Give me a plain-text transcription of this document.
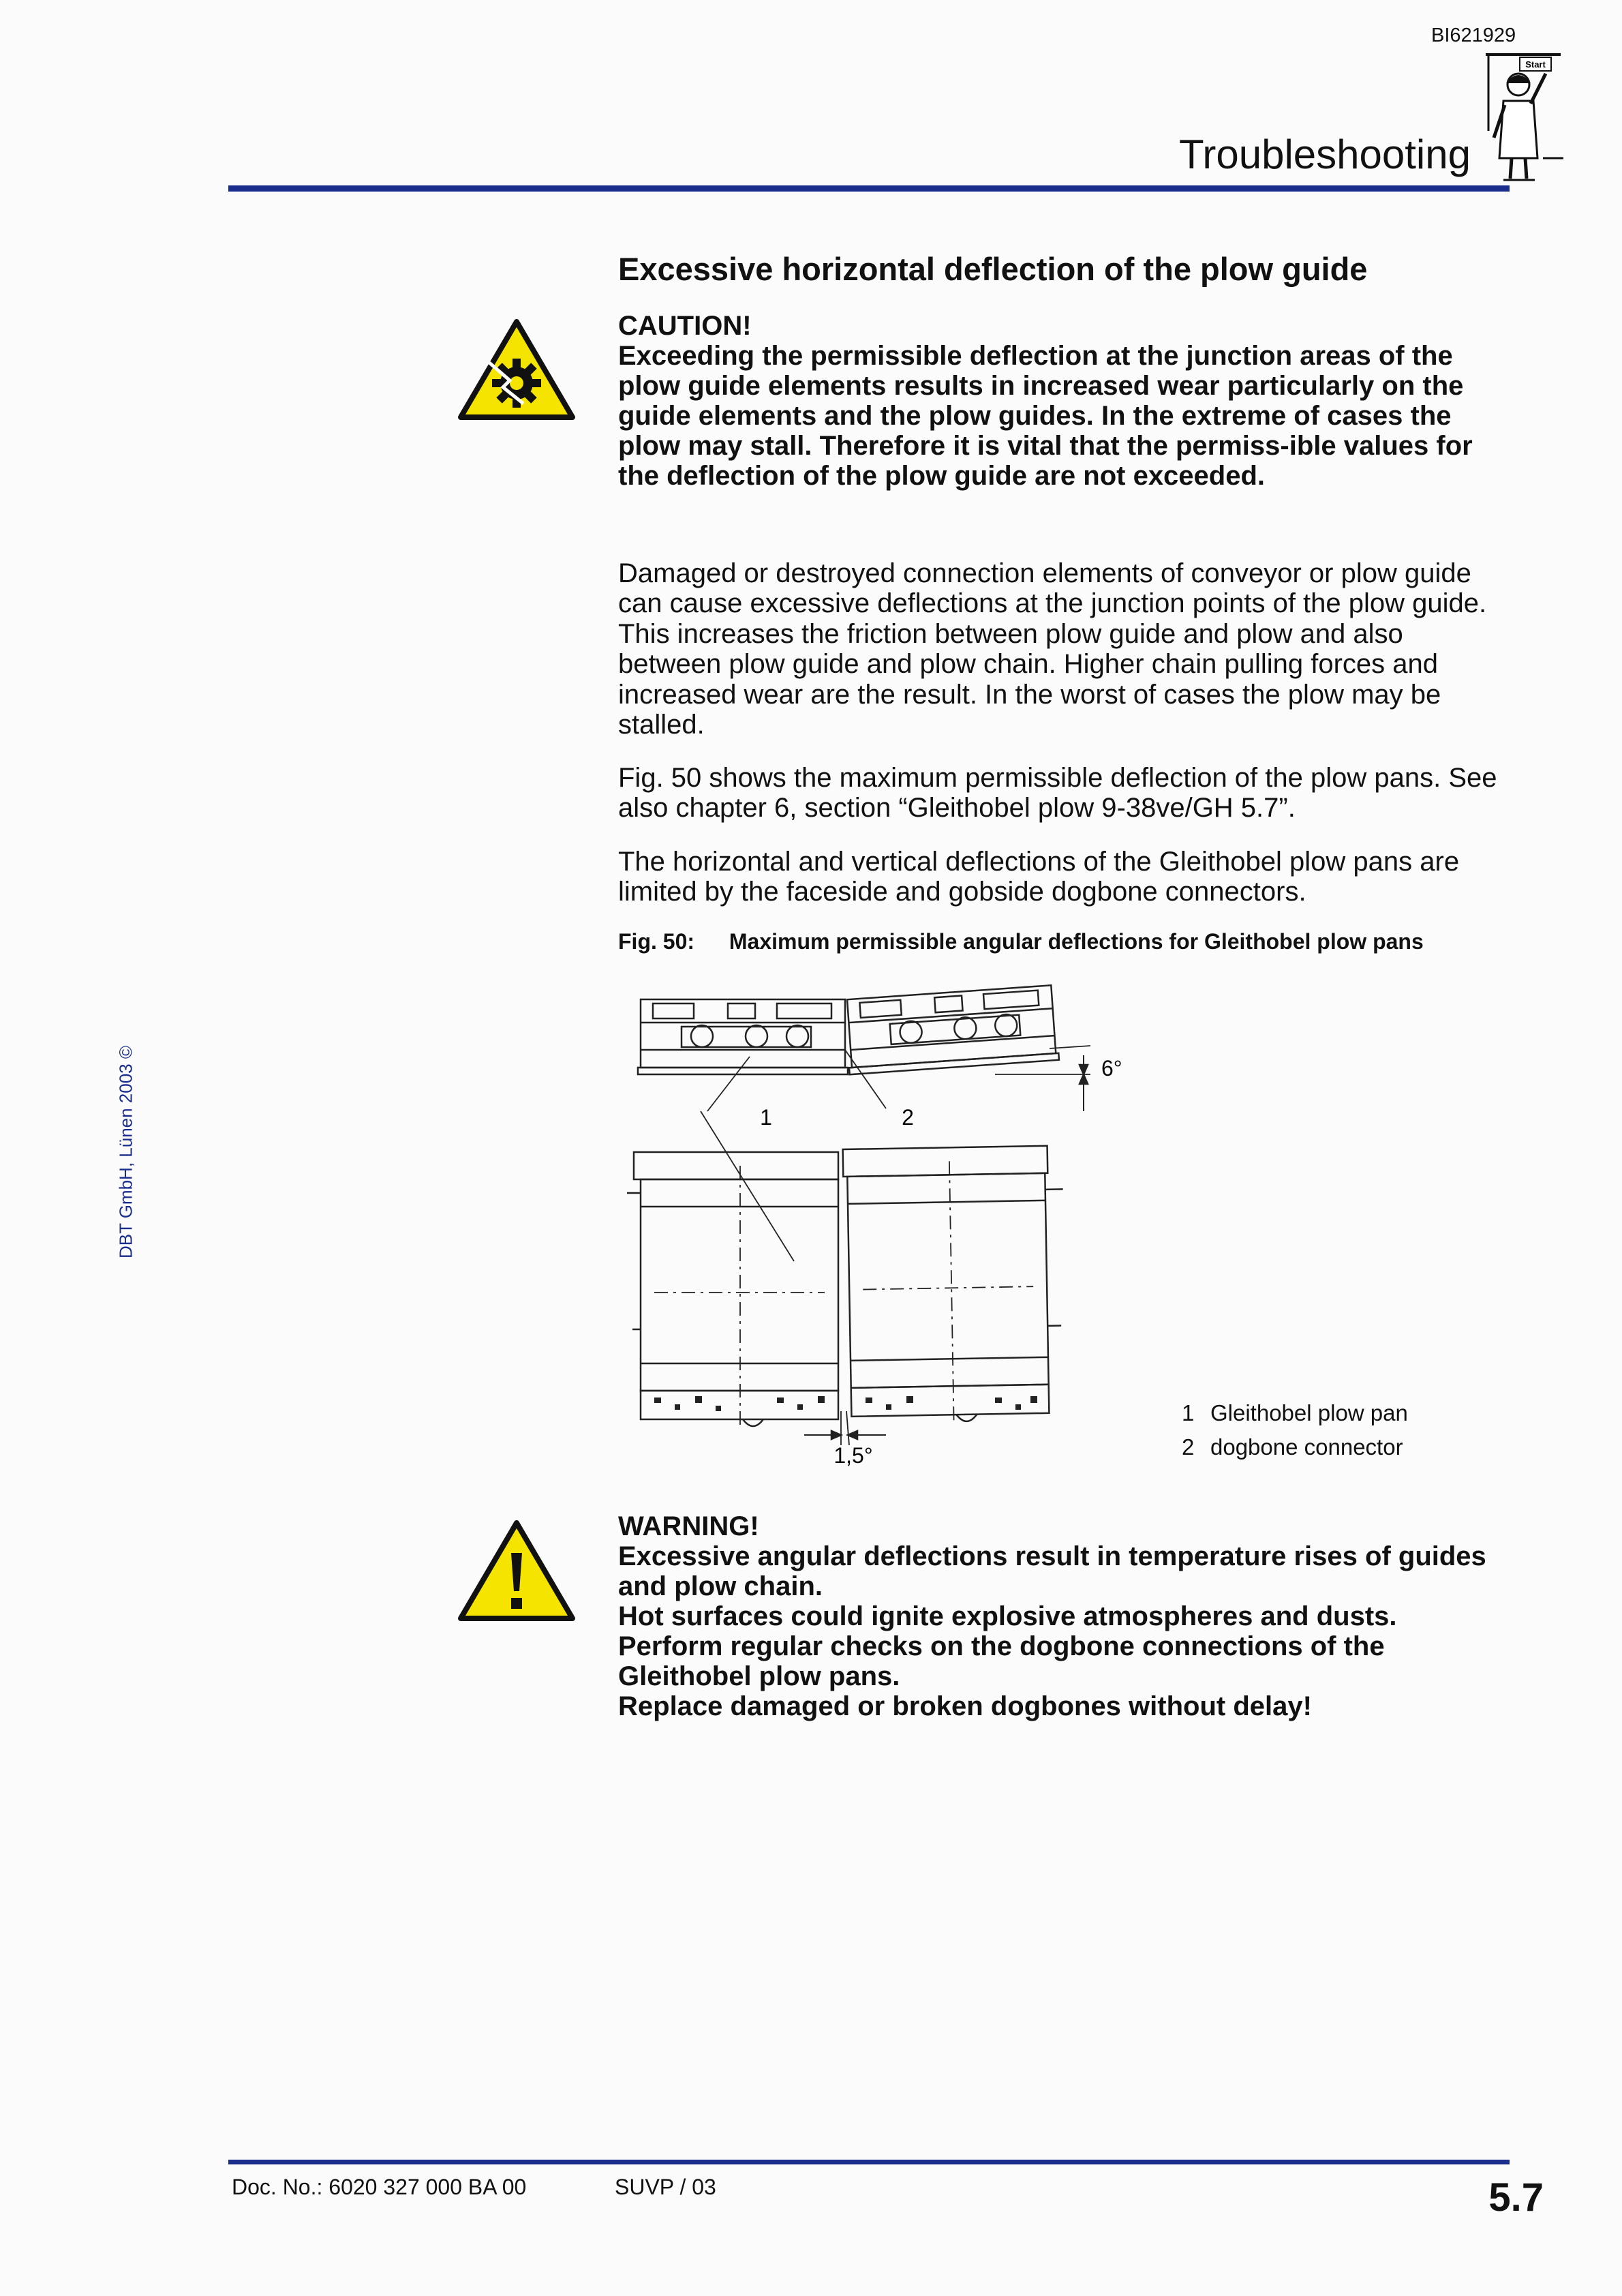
BI621929
Start
Troubleshooting
DBT GmbH, Lünen 2003 ©
Excessive horizontal deflection of the plow guide
CAUTION!
Exceeding the permissible deflection at the junction areas of the plow guide elements results in increased wear particularly on the guide elements and the plow guides. In the extreme of cases the plow may stall. Therefore it is vital that the permiss-ible values for the deflection of the plow guide are not exceeded.
Damaged or destroyed connection elements of conveyor or plow guide can cause excessive deflections at the junction points of the plow guide. This increases the friction between plow guide and plow and also between plow guide and plow chain. Higher chain pulling forces and increased wear are the result. In the worst of cases the plow may be stalled.
Fig. 50 shows the maximum permissible deflection of the plow pans. See also chapter 6, section “Gleithobel plow 9-38ve/GH 5.7”.
The horizontal and vertical deflections of the Gleithobel plow pans are limited by the faceside and gobside dogbone connectors.
Fig. 50: Maximum permissible angular deflections for Gleithobel plow pans
6°
1	2
1,5°
1 Gleithobel plow pan
2 dogbone connector
WARNING!
Excessive angular deflections result in temperature rises of guides and plow chain.
Hot surfaces could ignite explosive atmospheres and dusts.
Perform regular checks on the dogbone connections of the Gleithobel plow pans.
Replace damaged or broken dogbones without delay!
Doc. No.: 6020 327 000 BA 00	SUVP / 03	5.7
